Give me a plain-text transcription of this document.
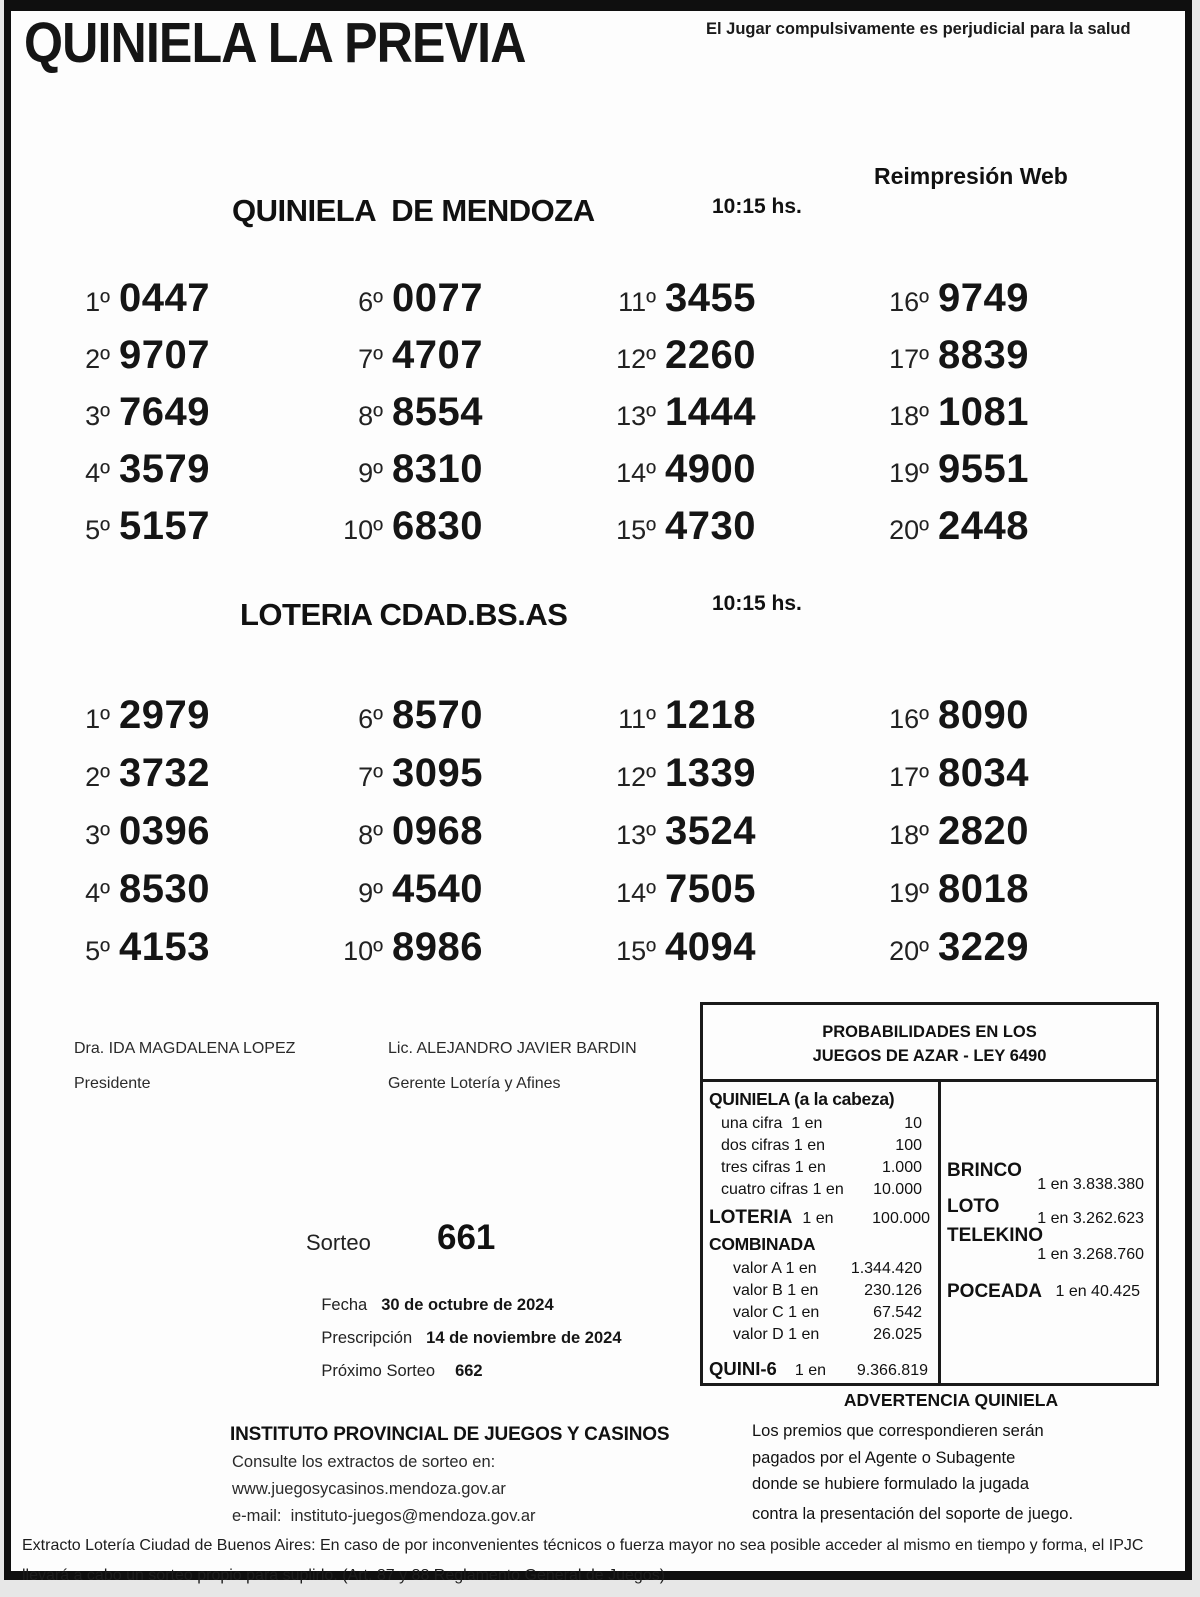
QUINIELA LA PREVIA	El Jugar compulsivamente es perjudicial para la salud
QUINIELA  DE MENDOZA	10:15 hs.
Reimpresión Web
1º 0447
2º 9707
3º 7649
4º 3579
5º 5157
6º 0077
7º 4707
8º 8554
9º 8310
10º 6830
11º 3455
12º 2260
13º 1444
14º 4900
15º 4730
16º 9749
17º 8839
18º 1081
19º 9551
20º 2448
LOTERIA CDAD.BS.AS	10:15 hs.
1º 2979
2º 3732
3º 0396
4º 8530
5º 4153
6º 8570
7º 3095
8º 0968
9º 4540
10º 8986
11º 1218
12º 1339
13º 3524
14º 7505
15º 4094
16º 8090
17º 8034
18º 2820
19º 8018
20º 3229
Dra. IDA MAGDALENA LOPEZ
Presidente
Lic. ALEJANDRO JAVIER BARDIN
Gerente Lotería y Afines
PROBABILIDADES EN LOS
JUEGOS DE AZAR - LEY 6490
QUINIELA (a la cabeza)
una cifra  1 en	10
dos cifras 1 en	100
tres cifras 1 en	1.000
cuatro cifras 1 en 10.000
LOTERIA 1 en 100.000
COMBINADA
valor A 1 en 1.344.420
valor B 1 en	230.126
valor C 1 en	67.542
valor D 1 en	26.025
QUINI-6 1 en 9.366.819
BRINCO
1 en 3.838.380
LOTO
1 en 3.262.623
TELEKINO
1 en 3.268.760
POCEADA 1 en 40.425
Sorteo 661

Fecha 30 de octubre de 2024

Prescripción 14 de noviembre de 2024

Próximo Sorteo 662

INSTITUTO PROVINCIAL DE JUEGOS Y CASINOS
Consulte los extractos de sorteo en:
www.juegosycasinos.mendoza.gov.ar
e-mail:  instituto-juegos@mendoza.gov.ar
ADVERTENCIA QUINIELA
Los premios que correspondieren serán
pagados por el Agente o Subagente
donde se hubiere formulado la jugada
contra la presentación del soporte de juego.
Extracto Lotería Ciudad de Buenos Aires: En caso de por inconvenientes técnicos o fuerza mayor no sea posible acceder al mismo en tiempo y forma, el IPJC llevará a cabo un sorteo propio para suplirlo. (Art. 87 y 88 Reglamento General de Juegos)
